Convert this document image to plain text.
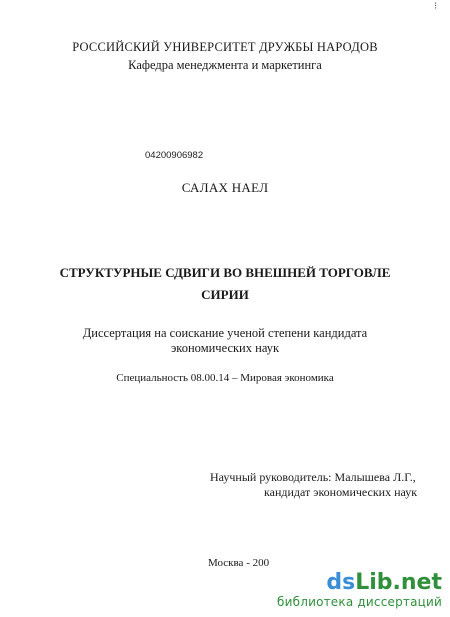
⁝
РОССИЙСКИЙ УНИВЕРСИТЕТ ДРУЖБЫ НАРОДОВ
Кафедра менеджмента и маркетинга
04200906982
САЛАХ НАЕЛ
СТРУКТУРНЫЕ СДВИГИ ВО ВНЕШНЕЙ ТОРГОВЛЕ
СИРИИ
Диссертация на соискание ученой степени кандидата
экономических наук
Специальность 08.00.14 – Мировая экономика
Научный руководитель: Малышева Л.Г.,
кандидат экономических наук
Москва - 200
dsLib.net
библиотека диссертаций
